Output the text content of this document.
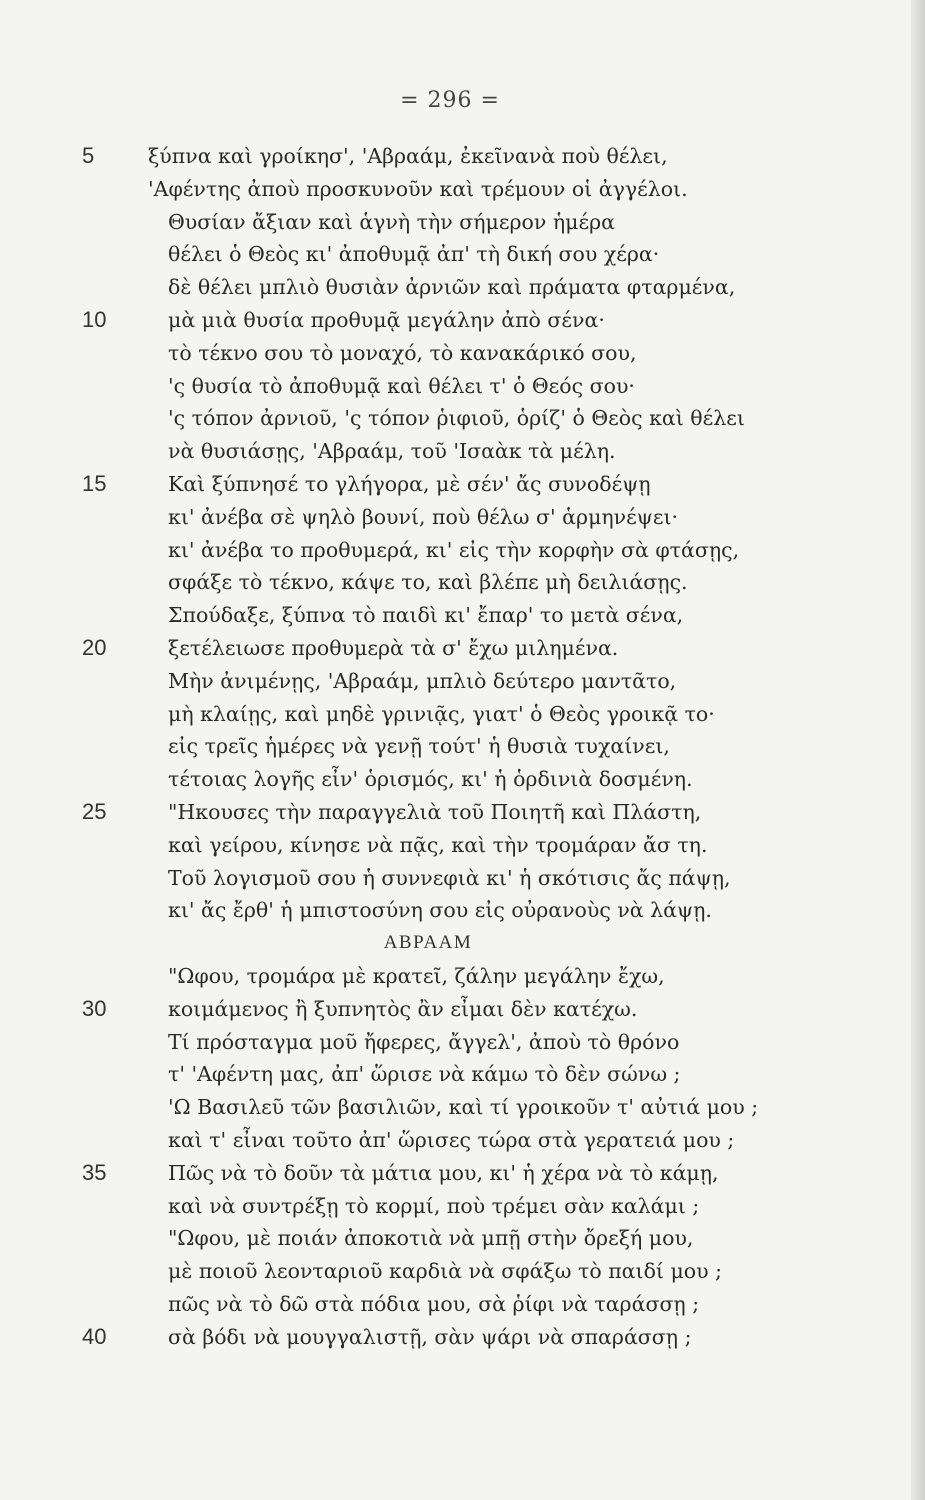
= 296 =
5	ξύπνα καὶ γροίκησ', 'Αβραάμ, ἐκεῖνανὰ ποὺ θέλει,
'Αφέντης ἀποὺ προσκυνοῦν καὶ τρέμουν οἱ ἀγγέλοι.
Θυσίαν ἄξιαν καὶ ἁγνὴ τὴν σήμερον ἡμέρα
θέλει ὁ Θεὸς κι' ἀποθυμᾷ ἀπ' τὴ δική σου χέρα·
δὲ θέλει μπλιὸ θυσιὰν ἀρνιῶν καὶ πράματα φταρμένα,
10	μὰ μιὰ θυσία προθυμᾷ μεγάλην ἀπὸ σένα·
τὸ τέκνο σου τὸ μοναχό, τὸ κανακάρικό σου,
'ς θυσία τὸ ἀποθυμᾷ καὶ θέλει τ' ὁ Θεός σου·
'ς τόπον ἀρνιοῦ, 'ς τόπον ῥιφιοῦ, ὁρίζ' ὁ Θεὸς καὶ θέλει
νὰ θυσιάσῃς, 'Αβραάμ, τοῦ 'Ισαὰκ τὰ μέλη.
15	Καὶ ξύπνησέ το γλήγορα, μὲ σέν' ἄς συνοδέψῃ
κι' ἀνέβα σὲ ψηλὸ βουνί, ποὺ θέλω σ' ἁρμηνέψει·
κι' ἀνέβα το προθυμερά, κι' εἰς τὴν κορφὴν σὰ φτάσῃς,
σφάξε τὸ τέκνο, κάψε το, καὶ βλέπε μὴ δειλιάσῃς.
Σπούδαξε, ξύπνα τὸ παιδὶ κι' ἔπαρ' το μετὰ σένα,
20	ξετέλειωσε προθυμερὰ τὰ σ' ἔχω μιλημένα.
Μὴν ἀνιμένῃς, 'Αβραάμ, μπλιὸ δεύτερο μαντᾶτο,
μὴ κλαίῃς, καὶ μηδὲ γρινιᾷς, γιατ' ὁ Θεὸς γροικᾷ το·
εἰς τρεῖς ἡμέρες νὰ γενῇ τούτ' ἡ θυσιὰ τυχαίνει,
τέτοιας λογῆς εἶν' ὁρισμός, κι' ἡ ὁρδινιὰ δοσμένη.
25	"Ηκουσες τὴν παραγγελιὰ τοῦ Ποιητῆ καὶ Πλάστη,
καὶ γείρου, κίνησε νὰ πᾷς, καὶ τὴν τρομάραν ἄσ τη.
Τοῦ λογισμοῦ σου ἡ συννεφιὰ κι' ἡ σκότισις ἄς πάψῃ,
κι' ἄς ἔρθ' ἡ μπιστοσύνη σου εἰς οὐρανοὺς νὰ λάψῃ.
ΑΒΡΑΑΜ
"Ωφου, τρομάρα μὲ κρατεῖ, ζάλην μεγάλην ἔχω,
30	κοιμάμενος ἢ ξυπνητὸς ἂν εἶμαι δὲν κατέχω.
Τί πρόσταγμα μοῦ ἤφερες, ἄγγελ', ἀποὺ τὸ θρόνο
τ' 'Αφέντη μας, ἀπ' ὥρισε νὰ κάμω τὸ δὲν σώνω ;
'Ω Βασιλεῦ τῶν βασιλιῶν, καὶ τί γροικοῦν τ' αὐτιά μου ;
καὶ τ' εἶναι τοῦτο ἀπ' ὥρισες τώρα στὰ γερατειά μου ;
35	Πῶς νὰ τὸ δοῦν τὰ μάτια μου, κι' ἡ χέρα νὰ τὸ κάμῃ,
καὶ νὰ συντρέξῃ τὸ κορμί, ποὺ τρέμει σὰν καλάμι ;
"Ωφου, μὲ ποιάν ἀποκοτιὰ νὰ μπῇ στὴν ὄρεξή μου,
μὲ ποιοῦ λεονταριοῦ καρδιὰ νὰ σφάξω τὸ παιδί μου ;
πῶς νὰ τὸ δῶ στὰ πόδια μου, σὰ ῥίφι νὰ ταράσσῃ ;
40	σὰ βόδι νὰ μουγγαλιστῇ, σὰν ψάρι νὰ σπαράσσῃ ;
